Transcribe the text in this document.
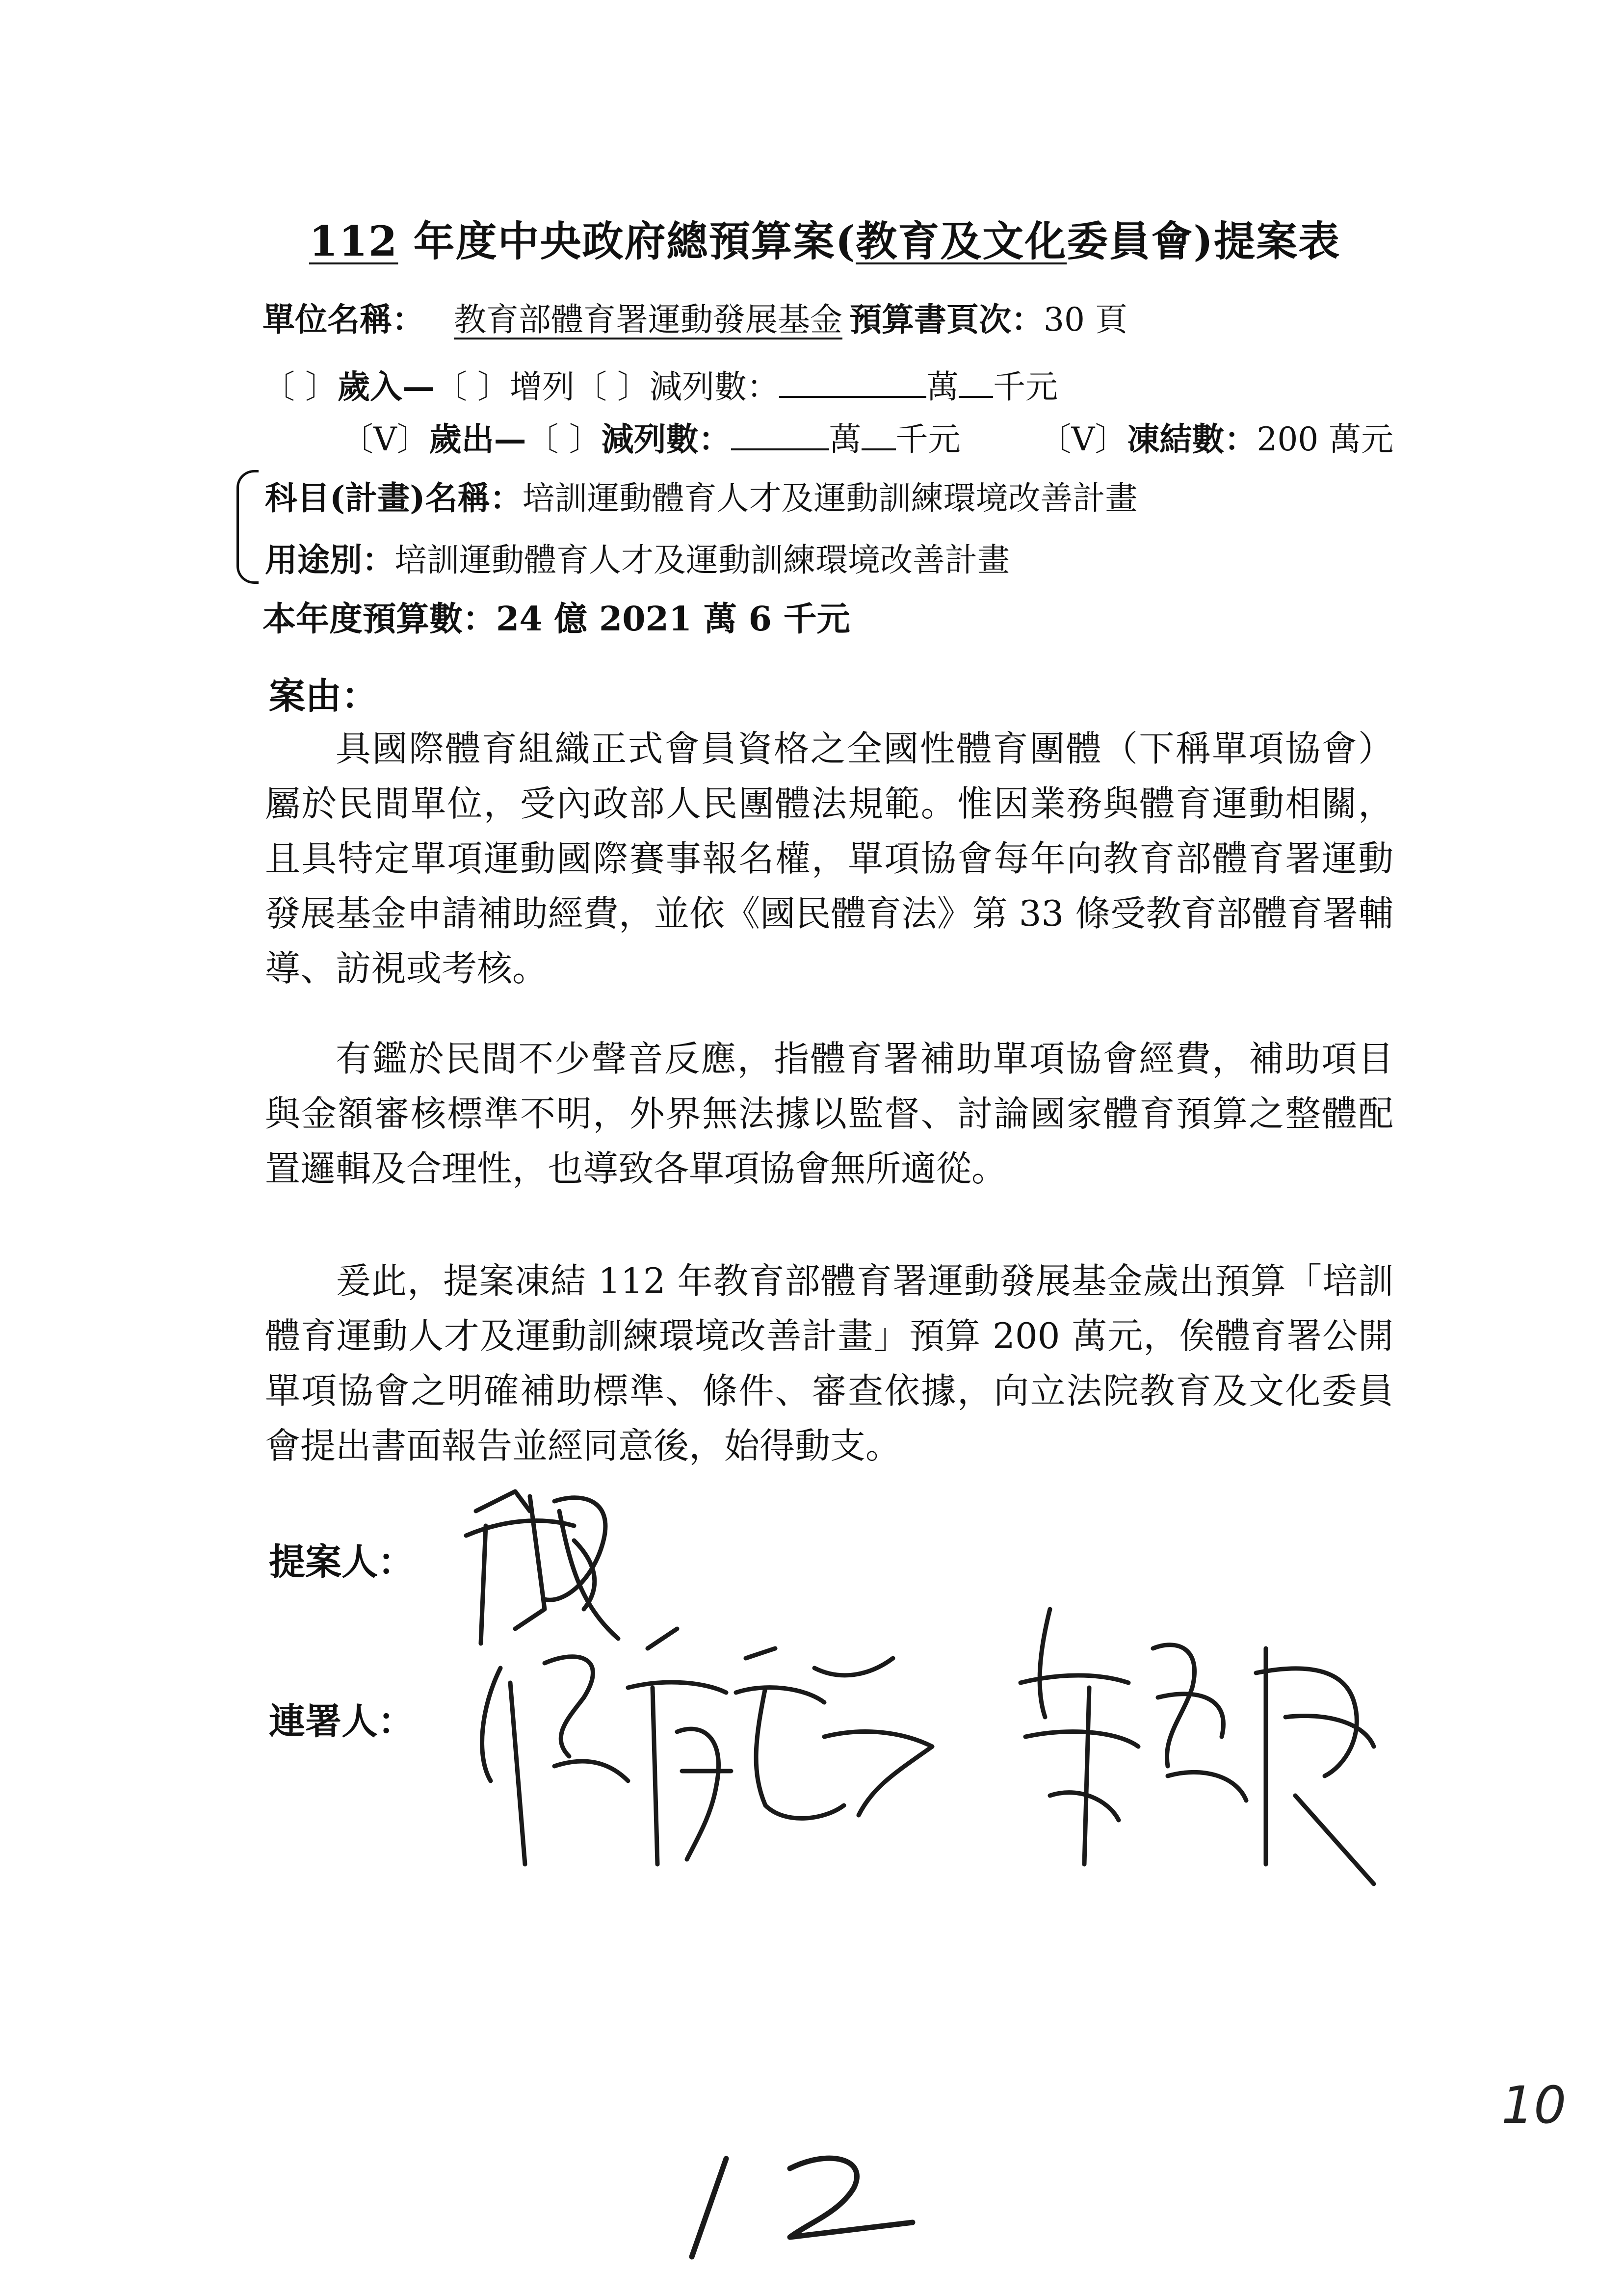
112 年度中央政府總預算案(教育及文化委員會)提案表
單位名稱： 教育部體育署運動發展基金 預算書頁次：30 頁
〔 〕歲入—〔 〕增列〔 〕減列數：	萬 千元
〔V〕歲出—〔 〕減列數：	萬 千元 〔V〕凍結數：200 萬元
科目(計畫)名稱：培訓運動體育人才及運動訓練環境改善計畫
用途別：培訓運動體育人才及運動訓練環境改善計畫
本年度預算數：24 億 2021 萬 6 千元
案由：

具國際體育組織正式會員資格之全國性體育團體（下稱單項協會）屬於民間單位，受內政部人民團體法規範。惟因業務與體育運動相關，且具特定單項運動國際賽事報名權，單項協會每年向教育部體育署運動發展基金申請補助經費，並依《國民體育法》第 33 條受教育部體育署輔導、訪視或考核。

有鑑於民間不少聲音反應，指體育署補助單項協會經費，補助項目與金額審核標準不明，外界無法據以監督、討論國家體育預算之整體配置邏輯及合理性，也導致各單項協會無所適從。

爰此，提案凍結 112 年教育部體育署運動發展基金歲出預算「培訓體育運動人才及運動訓練環境改善計畫」預算 200 萬元，俟體育署公開單項協會之明確補助標準、條件、審查依據，向立法院教育及文化委員會提出書面報告並經同意後，始得動支。

提案人：
連署人：
10
